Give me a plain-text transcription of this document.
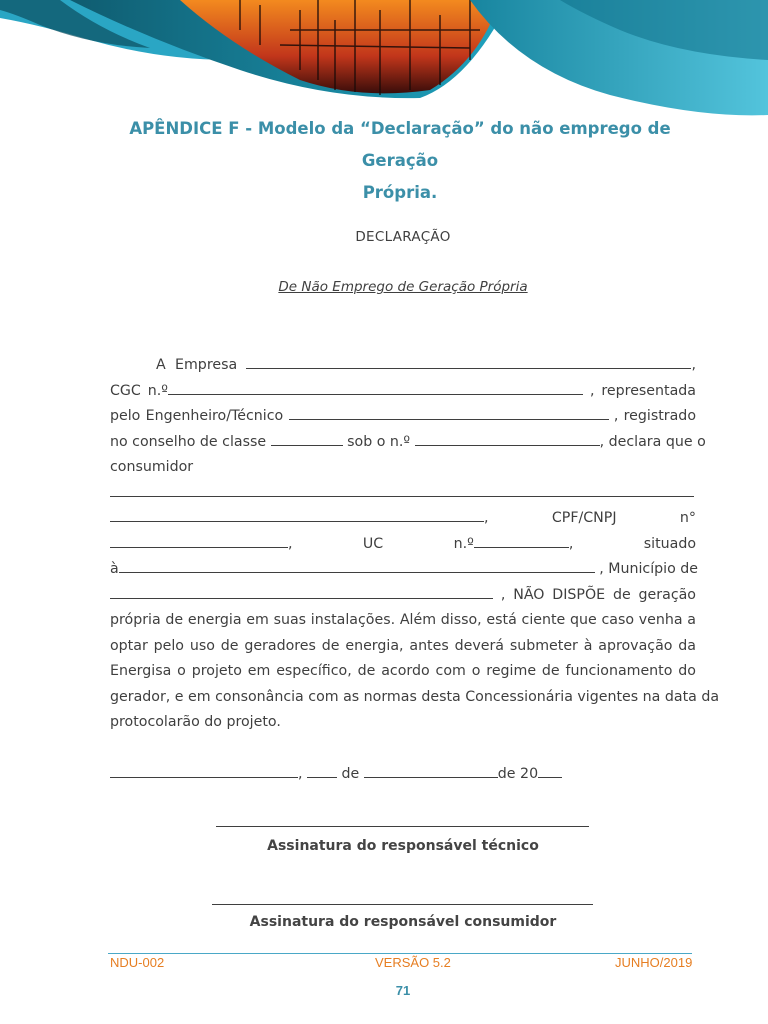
APÊNDICE F - Modelo da “Declaração” do não emprego de Geração
Própria.
DECLARAÇÃO
De Não Emprego de Geração Própria
A Empresa	,
CGC n.º	, representada
pelo Engenheiro/Técnico	, registrado
no conselho de classe	sob o n.º	, declara que o
consumidor
,	CPF/CNPJ	n°
,	UC	n.º	,	situado
à	, Município de
, NÃO DISPÕE de geração
própria de energia em suas instalações. Além disso, está ciente que caso venha a
optar pelo uso de geradores de energia, antes deverá submeter à aprovação da
Energisa o projeto em específico, de acordo com o regime de funcionamento do
gerador, e em consonância com as normas desta Concessionária vigentes na data da
protocolarão do projeto.
,	de	de 20
Assinatura do responsável técnico
Assinatura do responsável consumidor
NDU-002	VERSÃO 5.2	JUNHO/2019
71
